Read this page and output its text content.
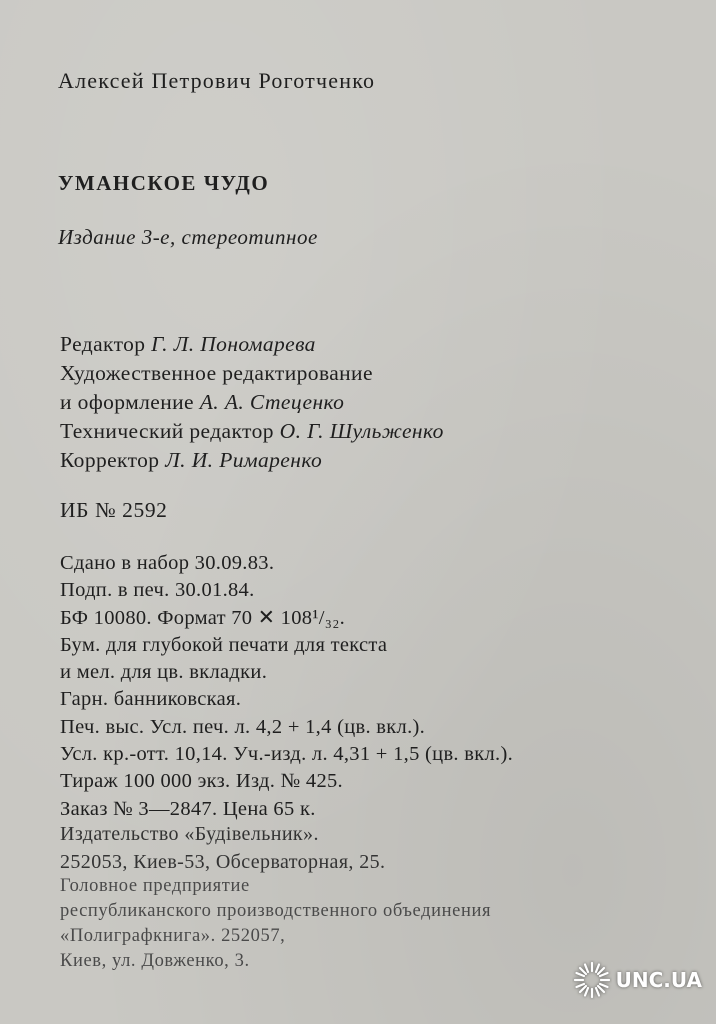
Алексей Петрович Роготченко
УМАНСКОЕ ЧУДО
Издание 3-е, стереотипное
Редактор Г. Л. Пономарева
Художественное редактирование
и оформление А. А. Стеценко
Технический редактор О. Г. Шульженко
Корректор Л. И. Римаренко
ИБ № 2592
Сдано в набор 30.09.83.
Подп. в печ. 30.01.84.
БФ 10080. Формат 70 ✕ 108¹/₃₂.
Бум. для глубокой печати для текста
и мел. для цв. вкладки.
Гарн. банниковская.
Печ. выс. Усл. печ. л. 4,2 + 1,4 (цв. вкл.).
Усл. кр.-отт. 10,14. Уч.-изд. л. 4,31 + 1,5 (цв. вкл.).
Тираж 100 000 экз. Изд. № 425.
Заказ № 3—2847. Цена 65 к.
Издательство «Будівельник».
252053, Киев-53, Обсерваторная, 25.
Головное предприятие
республиканского производственного объединения
«Полиграфкнига». 252057,
Киев, ул. Довженко, 3.
UNC.UA
